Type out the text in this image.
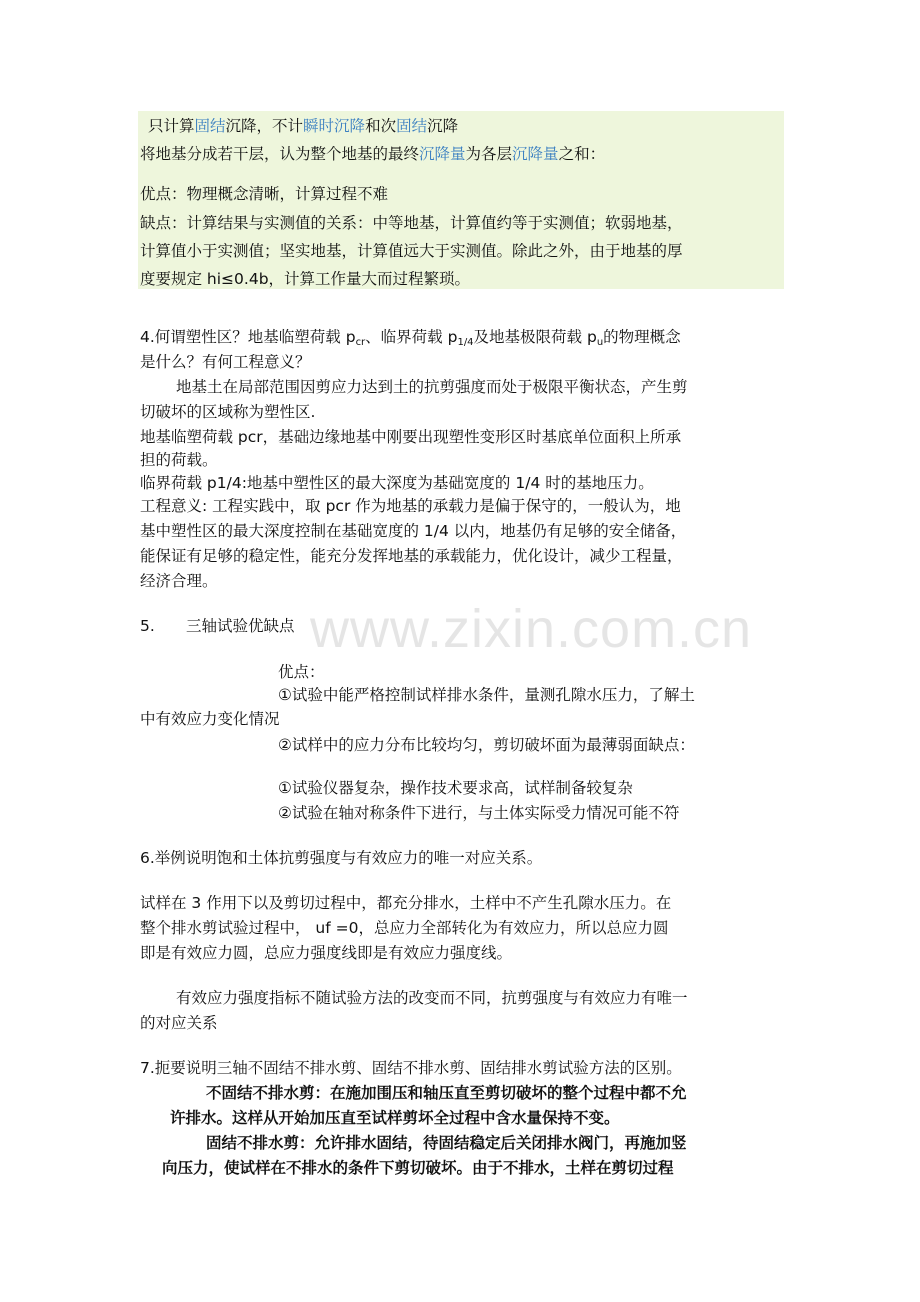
只计算固结沉降，不计瞬时沉降和次固结沉降
将地基分成若干层，认为整个地基的最终沉降量为各层沉降量之和：
优点：物理概念清晰，计算过程不难
缺点：计算结果与实测值的关系：中等地基，计算值约等于实测值；软弱地基，
计算值小于实测值；坚实地基，计算值远大于实测值。除此之外，由于地基的厚
度要规定 hi≤0.4b，计算工作量大而过程繁琐。
4.何谓塑性区？地基临塑荷载 $p_{cr}$、临界荷载 $p_{1/4}$及地基极限荷载 $p_u$的物理概念
是什么？有何工程意义？
地基土在局部范围因剪应力达到土的抗剪强度而处于极限平衡状态，产生剪
切破坏的区域称为塑性区.
地基临塑荷载 pcr，基础边缘地基中刚要出现塑性变形区时基底单位面积上所承
担的荷载。
临界荷载 p1/4:地基中塑性区的最大深度为基础宽度的 1/4 时的基地压力。
工程意义: 工程实践中，取 pcr 作为地基的承载力是偏于保守的，一般认为，地
基中塑性区的最大深度控制在基础宽度的 1/4 以内，地基仍有足够的安全储备，
能保证有足够的稳定性，能充分发挥地基的承载能力，优化设计，减少工程量，
经济合理。
www.zixin.com.cn
5. 三轴试验优缺点
优点：
①试验中能严格控制试样排水条件，量测孔隙水压力，了解土
中有效应力变化情况
②试样中的应力分布比较均匀，剪切破坏面为最薄弱面缺点：
①试验仪器复杂，操作技术要求高，试样制备较复杂
②试验在轴对称条件下进行，与土体实际受力情况可能不符
6.举例说明饱和土体抗剪强度与有效应力的唯一对应关系。
试样在 3 作用下以及剪切过程中，都充分排水，土样中不产生孔隙水压力。在
整个排水剪试验过程中， uf =0，总应力全部转化为有效应力，所以总应力圆
即是有效应力圆，总应力强度线即是有效应力强度线。
有效应力强度指标不随试验方法的改变而不同，抗剪强度与有效应力有唯一
的对应关系
7.扼要说明三轴不固结不排水剪、固结不排水剪、固结排水剪试验方法的区别。
不固结不排水剪：在施加围压和轴压直至剪切破坏的整个过程中都不允
许排水。这样从开始加压直至试样剪坏全过程中含水量保持不变。
固结不排水剪：允许排水固结，待固结稳定后关闭排水阀门，再施加竖
向压力，使试样在不排水的条件下剪切破坏。由于不排水，土样在剪切过程
